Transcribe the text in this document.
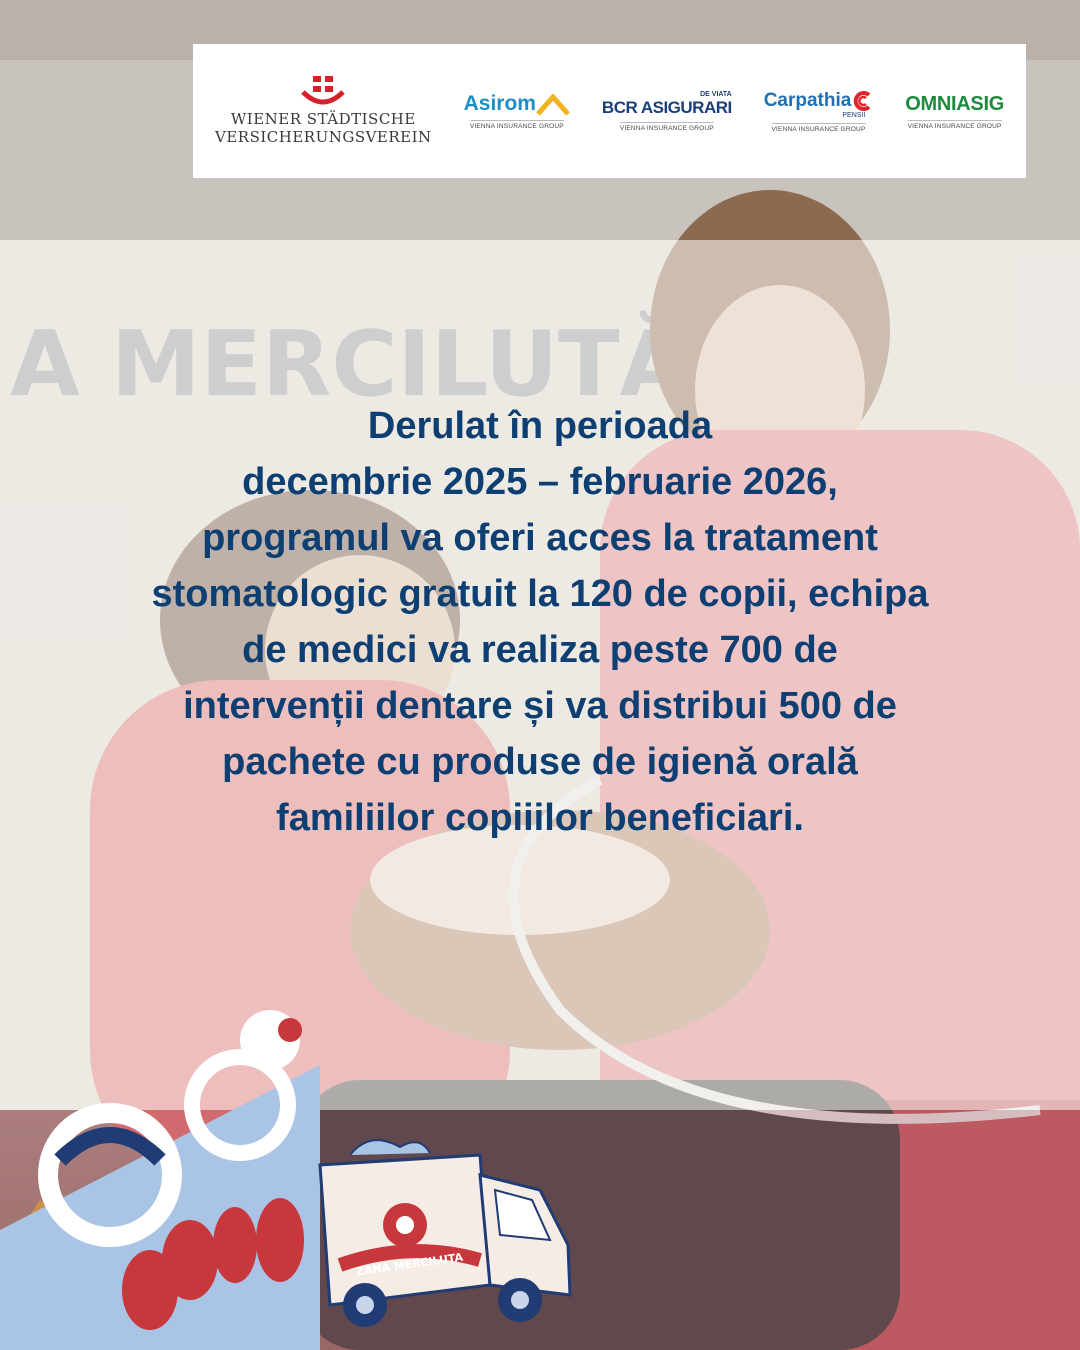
WIENER STÄDTISCHE
VERSICHERUNGSVEREIN
Asirom
VIENNA INSURANCE GROUP
DE VIATA
BCR ASIGURARI
VIENNA INSURANCE GROUP
Carpathia
PENSII
VIENNA INSURANCE GROUP
OMNIASIG
VIENNA INSURANCE GROUP
Derulat în perioada
decembrie 2025 – februarie 2026,
programul va oferi acces la tratament
stomatologic gratuit la 120 de copii, echipa
de medici va realiza peste 700 de
intervenții dentare și va distribui 500 de
pachete cu produse de igienă orală
familiilor copiiilor beneficiari.
ZANA MERCILUTA
